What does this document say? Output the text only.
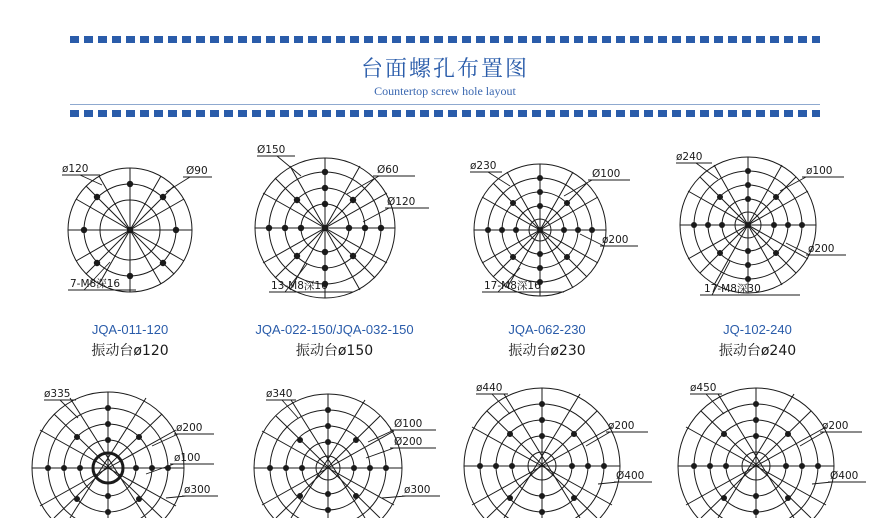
台面螺孔布置图
Countertop screw hole layout
ø120	Ø90
7-M8深16
JQA-011-120
振动台ø120
Ø150
Ø60
Ø120
13-M8深16
JQA-022-150/JQA-032-150
振动台ø150
ø230
Ø100
ø200
17-M8深16
JQA-062-230
振动台ø230
ø240
ø100
ø200
17-M8深30
JQ-102-240
振动台ø240
ø335
ø200
ø100
ø300
ø340
Ø100
Ø200
ø300
ø440
ø200
Ø400
ø450
ø200
Ø400
